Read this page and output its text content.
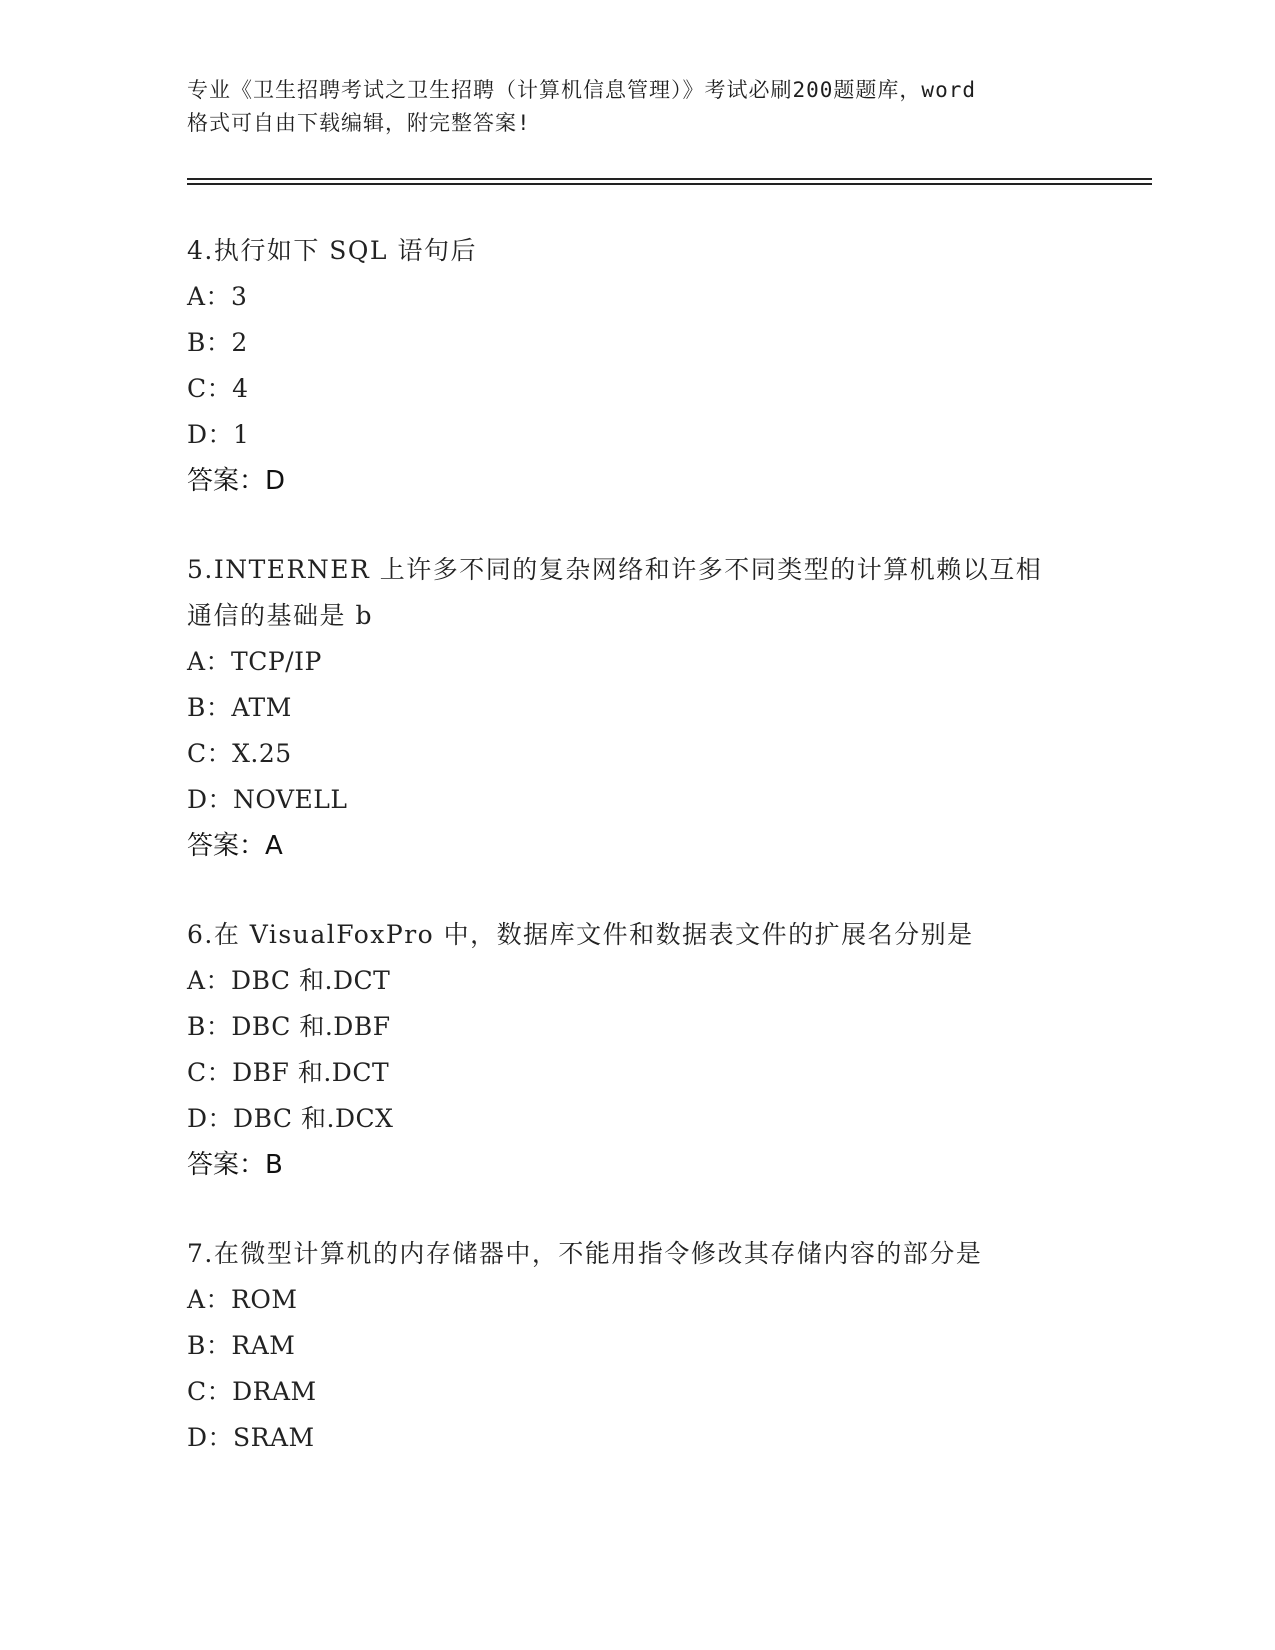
专业《卫生招聘考试之卫生招聘（计算机信息管理）》考试必刷200题题库，word
格式可自由下载编辑，附完整答案!
4.执行如下 SQL 语句后
A：3
B：2
C：4
D：1
答案：D
5.INTERNER 上许多不同的复杂网络和许多不同类型的计算机赖以互相
通信的基础是 b
A：TCP/IP
B：ATM
C：X.25
D：NOVELL
答案：A
6.在 VisualFoxPro 中，数据库文件和数据表文件的扩展名分别是
A：DBC 和.DCT
B：DBC 和.DBF
C：DBF 和.DCT
D：DBC 和.DCX
答案：B
7.在微型计算机的内存储器中，不能用指令修改其存储内容的部分是
A：ROM
B：RAM
C：DRAM
D：SRAM
